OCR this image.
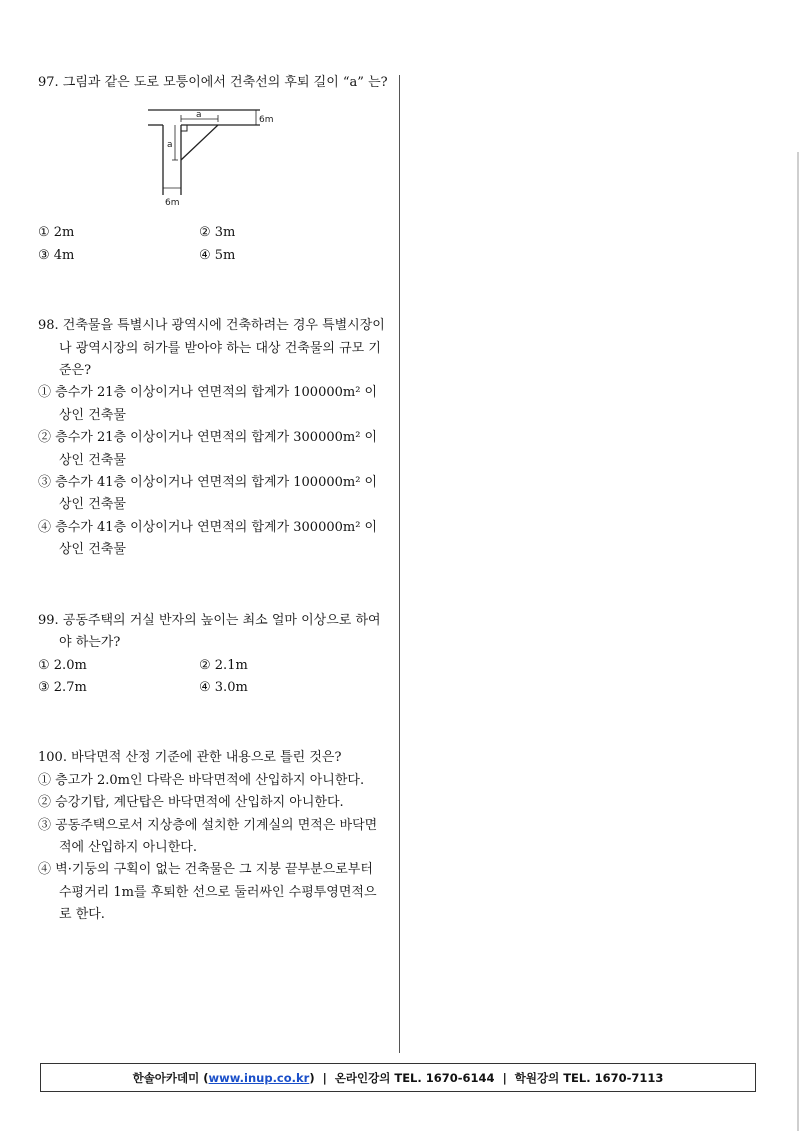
97. 그림과 같은 도로 모퉁이에서 건축선의 후퇴 길이 “a” 는?
a
a
6m
6m
① 2m	② 3m
③ 4m	④ 5m
98. 건축물을 특별시나 광역시에 건축하려는 경우 특별시장이나 광역시장의 허가를 받아야 하는 대상 건축물의 규모 기준은?
① 층수가 21층 이상이거나 연면적의 합계가 100000m² 이상인 건축물
② 층수가 21층 이상이거나 연면적의 합계가 300000m² 이상인 건축물
③ 층수가 41층 이상이거나 연면적의 합계가 100000m² 이상인 건축물
④ 층수가 41층 이상이거나 연면적의 합계가 300000m² 이상인 건축물
99. 공동주택의 거실 반자의 높이는 최소 얼마 이상으로 하여야 하는가?
① 2.0m	② 2.1m
③ 2.7m	④ 3.0m
100. 바닥면적 산정 기준에 관한 내용으로 틀린 것은?
① 층고가 2.0m인 다락은 바닥면적에 산입하지 아니한다.
② 승강기탑, 계단탑은 바닥면적에 산입하지 아니한다.
③ 공동주택으로서 지상층에 설치한 기계실의 면적은 바닥면적에 산입하지 아니한다.
④ 벽·기둥의 구획이 없는 건축물은 그 지붕 끝부분으로부터 수평거리 1m를 후퇴한 선으로 둘러싸인 수평투영면적으로 한다.
한솔아카데미 ( www.inup.co.kr ) | 온라인강의 TEL. 1670-6144 | 학원강의 TEL. 1670-7113
